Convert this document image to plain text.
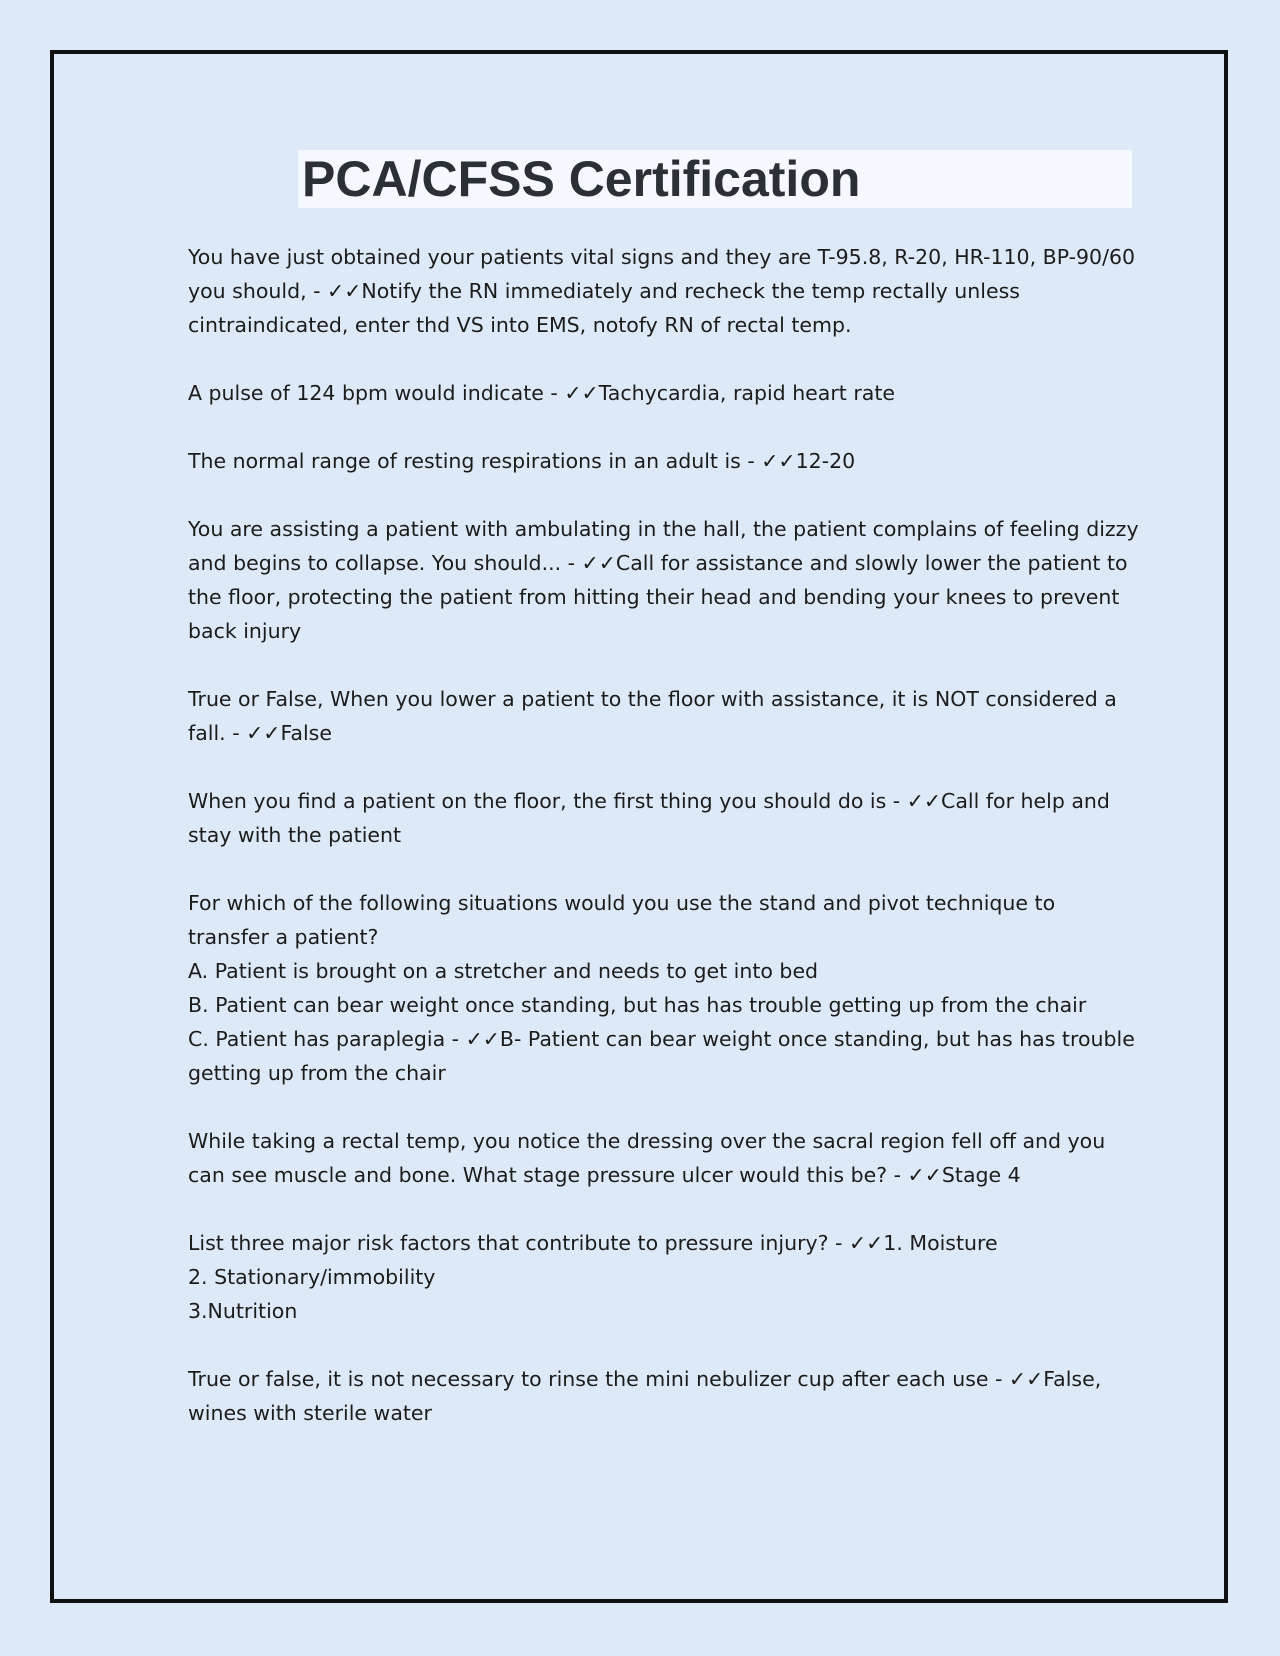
PCA/CFSS Certification
You have just obtained your patients vital signs and they are T-95.8, R-20, HR-110, BP-90/60
you should, - ✓✓Notify the RN immediately and recheck the temp rectally unless
cintraindicated, enter thd VS into EMS, notofy RN of rectal temp.
A pulse of 124 bpm would indicate - ✓✓Tachycardia, rapid heart rate
The normal range of resting respirations in an adult is - ✓✓12-20
You are assisting a patient with ambulating in the hall, the patient complains of feeling dizzy
and begins to collapse. You should... - ✓✓Call for assistance and slowly lower the patient to
the floor, protecting the patient from hitting their head and bending your knees to prevent
back injury
True or False, When you lower a patient to the floor with assistance, it is NOT considered a
fall. - ✓✓False
When you find a patient on the floor, the first thing you should do is - ✓✓Call for help and
stay with the patient
For which of the following situations would you use the stand and pivot technique to
transfer a patient?
A. Patient is brought on a stretcher and needs to get into bed
B. Patient can bear weight once standing, but has has trouble getting up from the chair
C. Patient has paraplegia - ✓✓B- Patient can bear weight once standing, but has has trouble
getting up from the chair
While taking a rectal temp, you notice the dressing over the sacral region fell off and you
can see muscle and bone. What stage pressure ulcer would this be? - ✓✓Stage 4
List three major risk factors that contribute to pressure injury? - ✓✓1. Moisture
2. Stationary/immobility
3.Nutrition
True or false, it is not necessary to rinse the mini nebulizer cup after each use - ✓✓False,
wines with sterile water
